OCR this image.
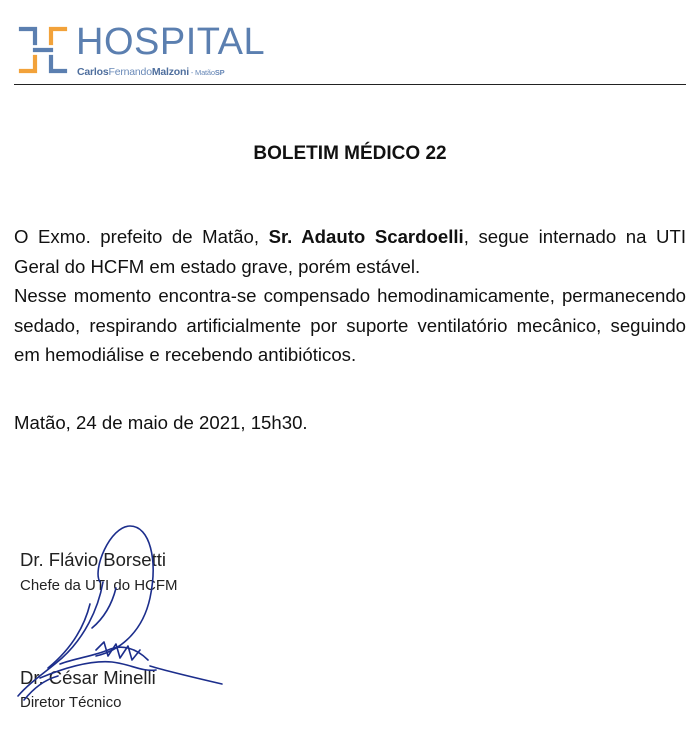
HOSPITAL
CarlosFernandoMalzoni - MatãoSP
BOLETIM MÉDICO 22

O Exmo. prefeito de Matão, Sr. Adauto Scardoelli, segue internado na UTI Geral do HCFM em estado grave, porém estável.

Nesse momento encontra-se compensado hemodinamicamente, permanecendo sedado, respirando artificialmente por suporte ventilatório mecânico, seguindo em hemodiálise e recebendo antibióticos.

Matão, 24 de maio de 2021, 15h30.
Dr. Flávio Borsetti
Chefe da UTI do HCFM
Dr. César Minelli
Diretor Técnico
